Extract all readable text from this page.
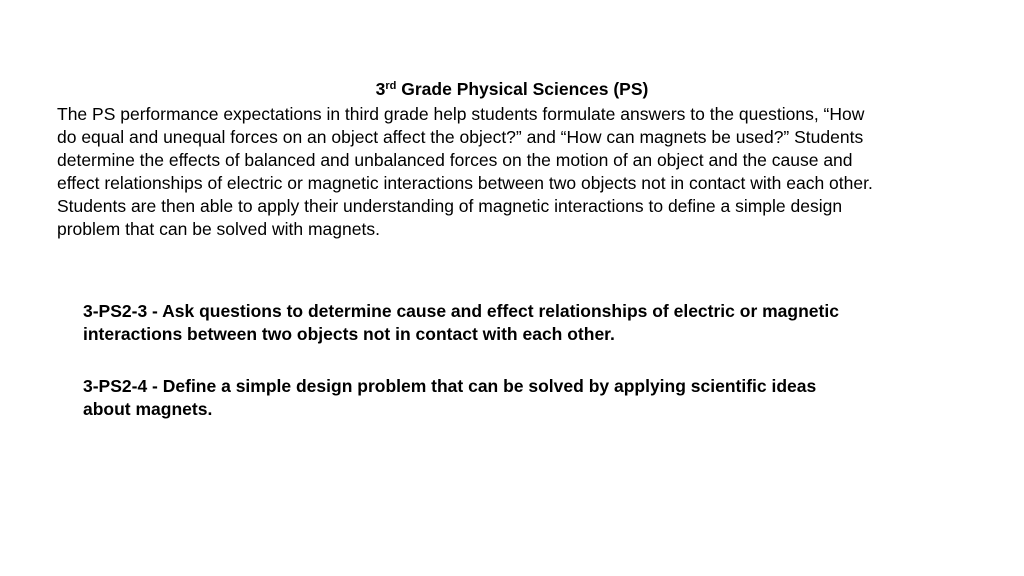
3rd Grade Physical Sciences (PS)
The PS performance expectations in third grade help students formulate answers to the questions, “How
do equal and unequal forces on an object affect the object?” and “How can magnets be used?” Students
determine the effects of balanced and unbalanced forces on the motion of an object and the cause and
effect relationships of electric or magnetic interactions between two objects not in contact with each other.
Students are then able to apply their understanding of magnetic interactions to define a simple design
problem that can be solved with magnets.
3-PS2-3 - Ask questions to determine cause and effect relationships of electric or magnetic
interactions between two objects not in contact with each other.
3-PS2-4 - Define a simple design problem that can be solved by applying scientific ideas
about magnets.
